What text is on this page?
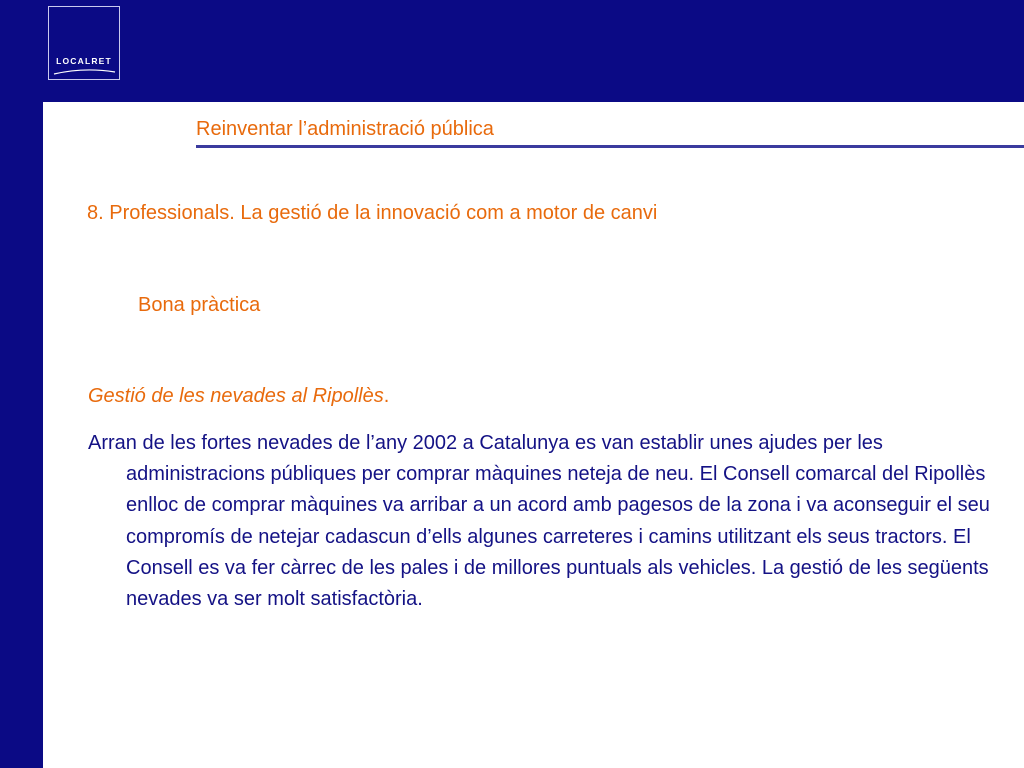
LOCALRET
Reinventar l’administració pública
8. Professionals. La gestió de la innovació com a motor de canvi
Bona pràctica
Gestió de les nevades al Ripollès.

Arran de les fortes nevades de l’any 2002 a Catalunya es van establir unes ajudes per les administracions públiques per comprar màquines neteja de neu. El Consell comarcal del Ripollès enlloc de comprar màquines va arribar a un acord amb pagesos de la zona i va aconseguir el seu compromís de netejar cadascun d’ells algunes carreteres i camins utilitzant els seus tractors. El Consell es va fer càrrec de les pales i de millores puntuals als vehicles. La gestió de les següents nevades va ser molt satisfactòria.
